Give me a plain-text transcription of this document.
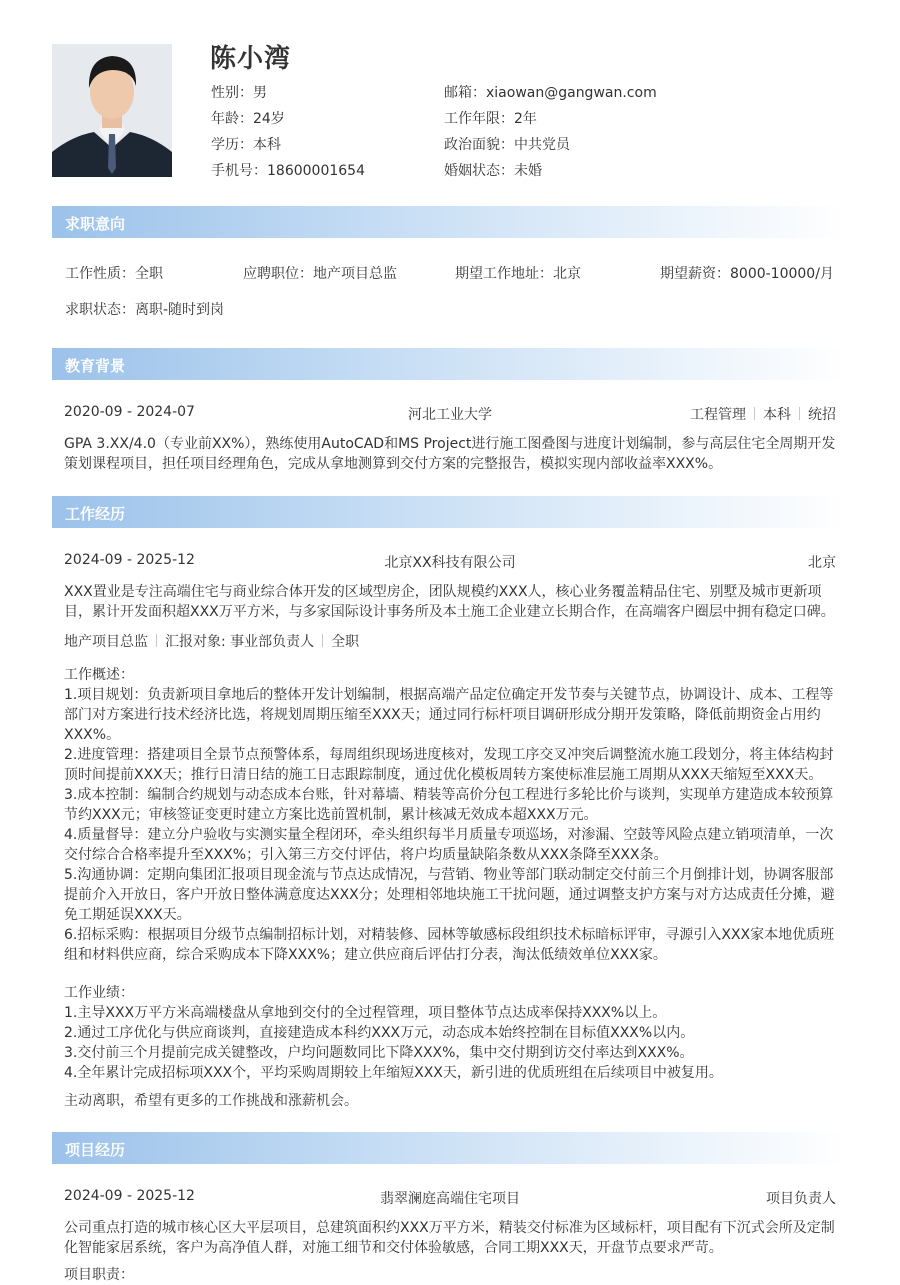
陈小湾
性别：男
年龄：24岁
学历：本科
手机号：18600001654
邮箱：xiaowan@gangwan.com
工作年限：2年
政治面貌：中共党员
婚姻状态：未婚
求职意向
工作性质：全职	应聘职位：地产项目总监	期望工作地址：北京	期望薪资：8000-10000/月
求职状态：离职-随时到岗
教育背景
2020-09 - 2024-07	河北工业大学	工程管理 本科 统招
GPA 3.XX/4.0（专业前XX%），熟练使用AutoCAD和MS Project进行施工图叠图与进度计划编制，参与高层住宅全周期开发策划课程项目，担任项目经理角色，完成从拿地测算到交付方案的完整报告，模拟实现内部收益率XXX%。
工作经历
2024-09 - 2025-12	北京XX科技有限公司	北京
XXX置业是专注高端住宅与商业综合体开发的区域型房企，团队规模约XXX人，核心业务覆盖精品住宅、别墅及城市更新项目，累计开发面积超XXX万平方米，与多家国际设计事务所及本土施工企业建立长期合作，在高端客户圈层中拥有稳定口碑。
地产项目总监 汇报对象: 事业部负责人 全职

工作概述：

1.项目规划：负责新项目拿地后的整体开发计划编制，根据高端产品定位确定开发节奏与关键节点，协调设计、成本、工程等部门对方案进行技术经济比选，将规划周期压缩至XXX天；通过同行标杆项目调研形成分期开发策略，降低前期资金占用约XXX%。

2.进度管理：搭建项目全景节点预警体系，每周组织现场进度核对，发现工序交叉冲突后调整流水施工段划分，将主体结构封顶时间提前XXX天；推行日清日结的施工日志跟踪制度，通过优化模板周转方案使标准层施工周期从XXX天缩短至XXX天。

3.成本控制：编制合约规划与动态成本台账，针对幕墙、精装等高价分包工程进行多轮比价与谈判，实现单方建造成本较预算节约XXX元；审核签证变更时建立方案比选前置机制，累计核减无效成本超XXX万元。

4.质量督导：建立分户验收与实测实量全程闭环，牵头组织每半月质量专项巡场，对渗漏、空鼓等风险点建立销项清单，一次交付综合合格率提升至XXX%；引入第三方交付评估，将户均质量缺陷条数从XXX条降至XXX条。

5.沟通协调：定期向集团汇报项目现金流与节点达成情况，与营销、物业等部门联动制定交付前三个月倒排计划，协调客服部提前介入开放日，客户开放日整体满意度达XXX分；处理相邻地块施工干扰问题，通过调整支护方案与对方达成责任分摊，避免工期延误XXX天。

6.招标采购：根据项目分级节点编制招标计划，对精装修、园林等敏感标段组织技术标暗标评审，寻源引入XXX家本地优质班组和材料供应商，综合采购成本下降XXX%；建立供应商后评估打分表，淘汰低绩效单位XXX家。

工作业绩：

1.主导XXX万平方米高端楼盘从拿地到交付的全过程管理，项目整体节点达成率保持XXX%以上。

2.通过工序优化与供应商谈判，直接建造成本科约XXX万元，动态成本始终控制在目标值XXX%以内。

3.交付前三个月提前完成关键整改，户均问题数同比下降XXX%，集中交付期到访交付率达到XXX%。

4.全年累计完成招标项XXX个，平均采购周期较上年缩短XXX天，新引进的优质班组在后续项目中被复用。

主动离职，希望有更多的工作挑战和涨薪机会。
项目经历
2024-09 - 2025-12	翡翠澜庭高端住宅项目	项目负责人
公司重点打造的城市核心区大平层项目，总建筑面积约XXX万平方米，精装交付标准为区域标杆，项目配有下沉式会所及定制化智能家居系统，客户为高净值人群，对施工细节和交付体验敏感，合同工期XXX天，开盘节点要求严苛。
项目职责：
